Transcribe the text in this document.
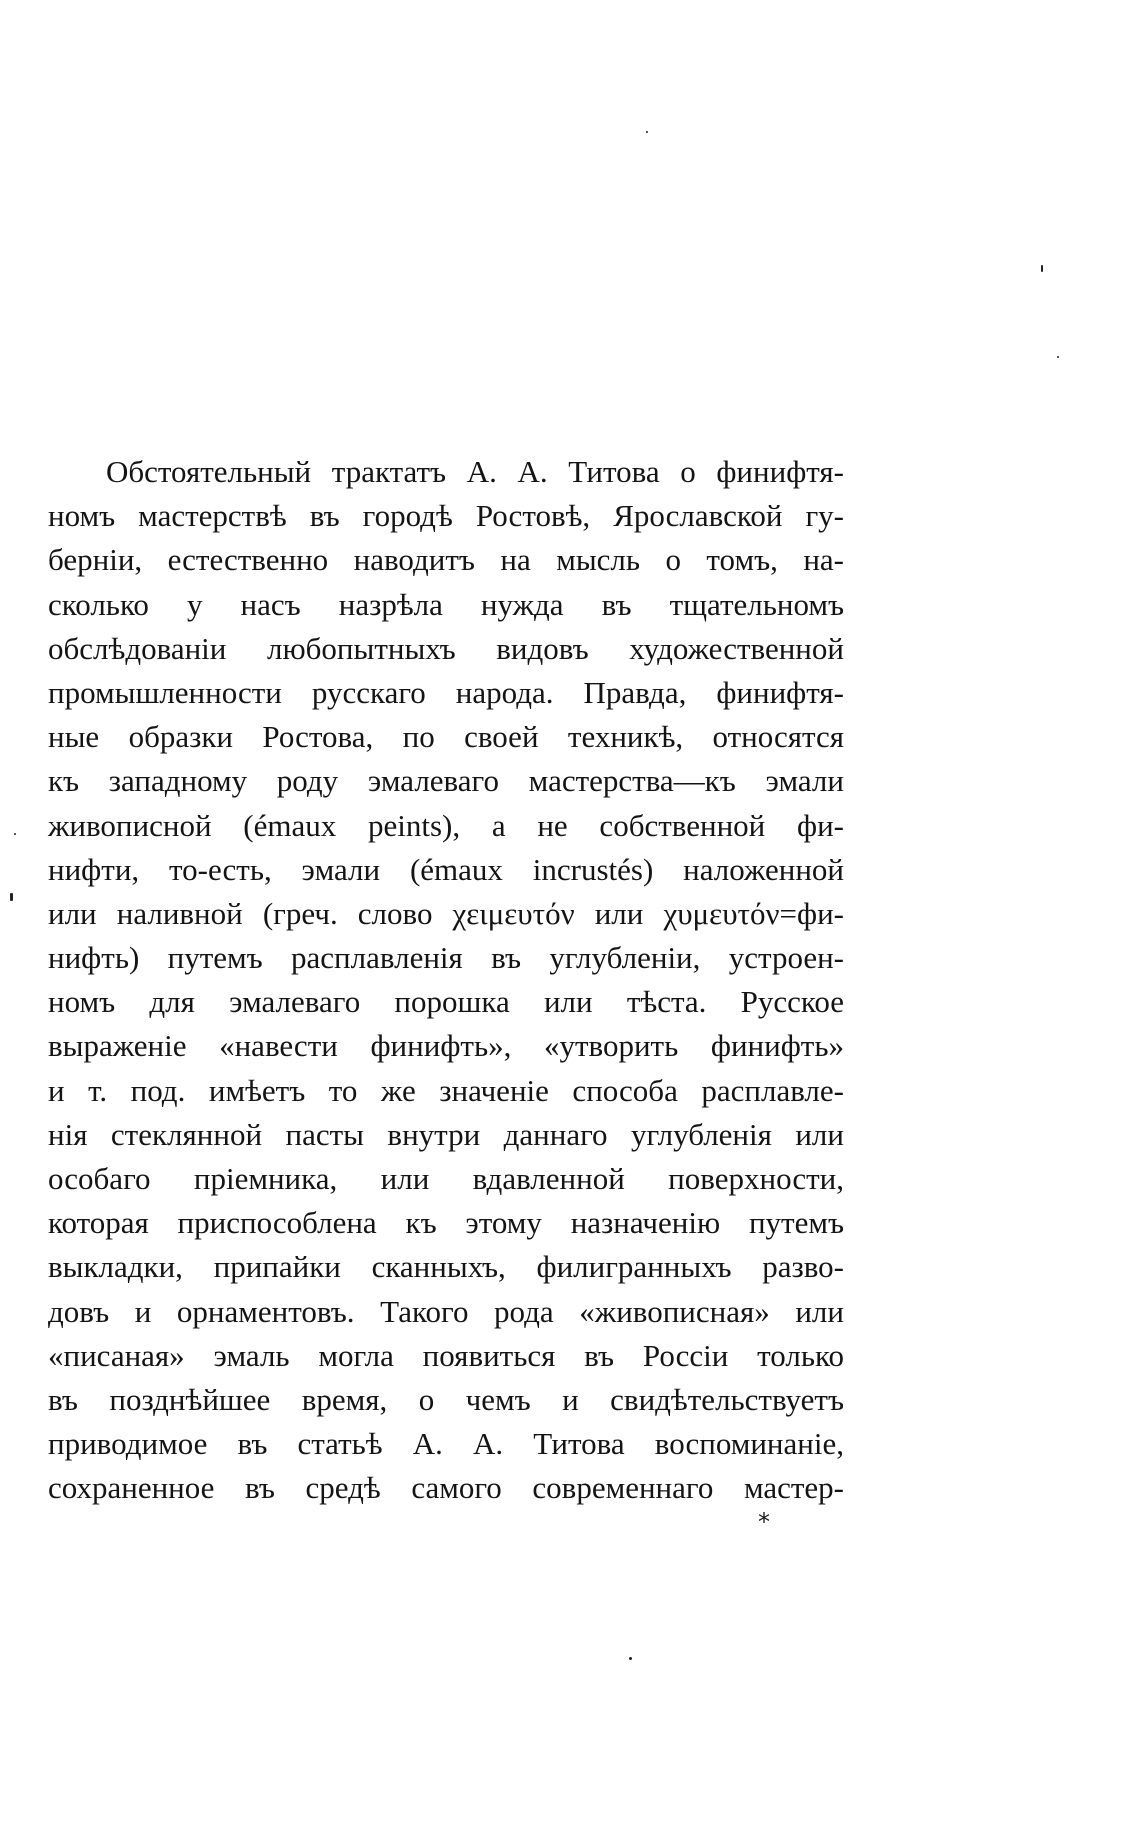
Обстоятельный трактатъ А. А. Титова о финифтя-
номъ мастерствѣ въ городѣ Ростовѣ, Ярославской гу-
берніи, естественно наводитъ на мысль о томъ, на-
сколько у насъ назрѣла нужда въ тщательномъ
обслѣдованіи любопытныхъ видовъ художественной
промышленности русскаго народа. Правда, финифтя-
ные образки Ростова, по своей техникѣ, относятся
къ западному роду эмалеваго мастерства—къ эмали
живописной (émaux peints), а не собственной фи-
нифти, то-есть, эмали (émaux incrustés) наложенной
или наливной (греч. слово χειμευτόν или χυμευτόν=фи-
нифть) путемъ расплавленія въ углубленіи, устроен-
номъ для эмалеваго порошка или тѣста. Русское
выраженіе «навести финифть», «утворить финифть»
и т. под. имѣетъ то же значеніе способа расплавле-
нія стеклянной пасты внутри даннаго углубленія или
особаго пріемника, или вдавленной поверхности,
которая приспособлена къ этому назначенію путемъ
выкладки, припайки сканныхъ, филигранныхъ разво-
довъ и орнаментовъ. Такого рода «живописная» или
«писаная» эмаль могла появиться въ Россіи только
въ позднѣйшее время, о чемъ и свидѣтельствуетъ
приводимое въ статьѣ А. А. Титова воспоминаніе,
сохраненное въ средѣ самого современнаго мастер-
*
